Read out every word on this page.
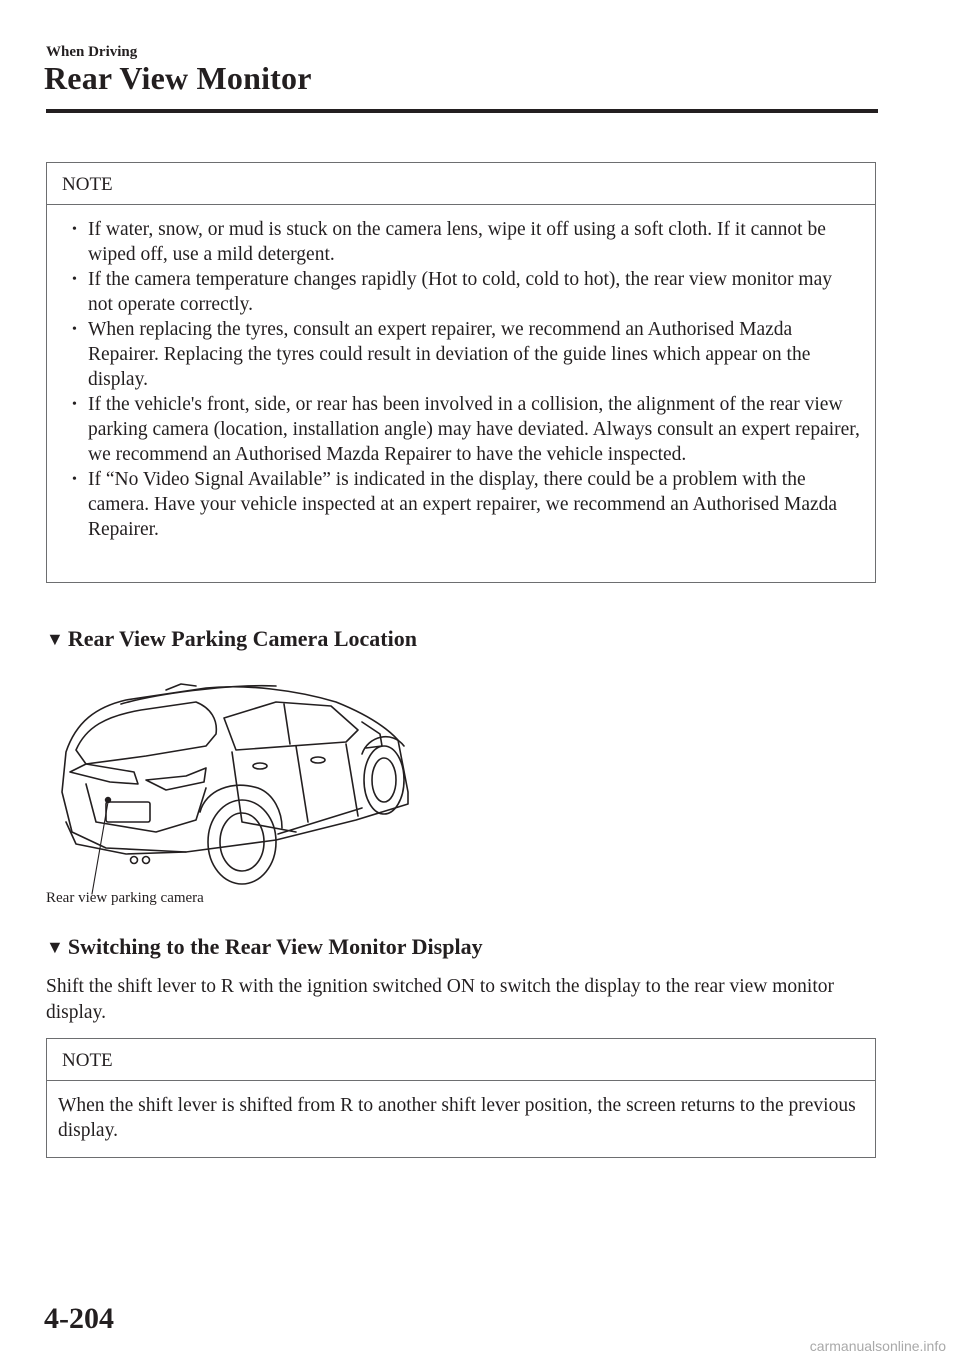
When Driving
Rear View Monitor
NOTE
• If water, snow, or mud is stuck on the camera lens, wipe it off using a soft cloth. If it cannot be wiped off, use a mild detergent.
• If the camera temperature changes rapidly (Hot to cold, cold to hot), the rear view monitor may not operate correctly.
• When replacing the tyres, consult an expert repairer, we recommend an Authorised Mazda Repairer. Replacing the tyres could result in deviation of the guide lines which appear on the display.
• If the vehicle's front, side, or rear has been involved in a collision, the alignment of the rear view parking camera (location, installation angle) may have deviated. Always consult an expert repairer, we recommend an Authorised Mazda Repairer to have the vehicle inspected.
• If “No Video Signal Available” is indicated in the display, there could be a problem with the camera. Have your vehicle inspected at an expert repairer, we recommend an Authorised Mazda Repairer.
▼ Rear View Parking Camera Location
Rear view parking camera
▼ Switching to the Rear View Monitor Display
Shift the shift lever to R with the ignition switched ON to switch the display to the rear view monitor display.
NOTE
When the shift lever is shifted from R to another shift lever position, the screen returns to the previous display.
4-204
carmanualsonline.info
